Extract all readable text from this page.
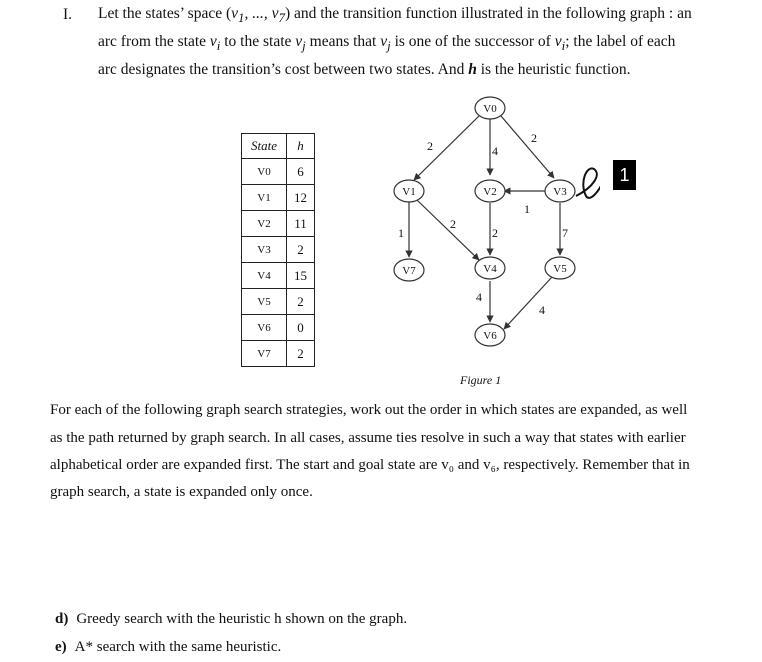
I. Let the states’ space ($v_1$, ..., $v_7$) and the transition function illustrated in the following graph : an
arc from the state $v_i$ to the state $v_j$ means that $v_j$ is one of the successor of $v_i$; the label of each
arc designates the transition’s cost between two states. And h is the heuristic function.
State	h
V0	6
V1	12
V2	11
V3	2
V4	15
V5	2
V6	0
V7	2
2	4
2
1
2
1
2	7
4
4
V0
V1	V2	V3
V4	V5
V6
V7
1
Figure 1
For each of the following graph search strategies, work out the order in which states are expanded, as well
as the path returned by graph search. In all cases, assume ties resolve in such a way that states with earlier
alphabetical order are expanded first. The start and goal state are v₀ and v₆, respectively. Remember that in
graph search, a state is expanded only once.
d) Greedy search with the heuristic h shown on the graph.
e) A* search with the same heuristic.
